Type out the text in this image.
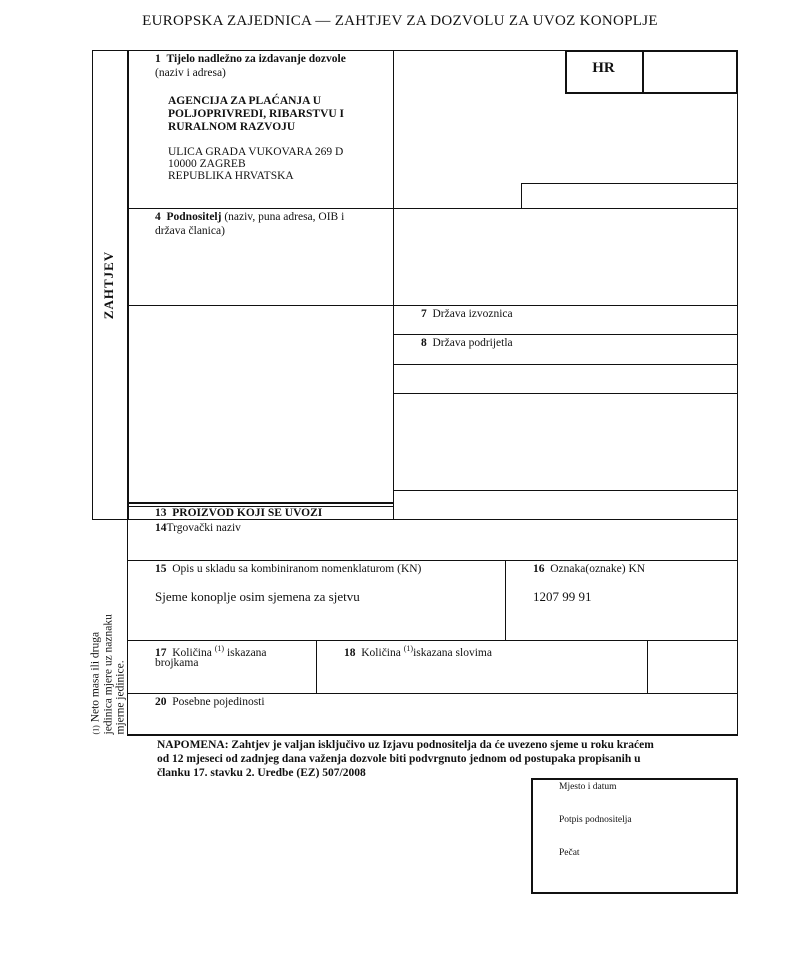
EUROPSKA ZAJEDNICA — ZAHTJEV ZA DOZVOLU ZA UVOZ KONOPLJE
ZAHTJEV
HR
1 Tijelo nadležno za izdavanje dozvole
(naziv i adresa)
AGENCIJA ZA PLAĆANJA U
POLJOPRIVREDI, RIBARSTVU I
RURALNOM RAZVOJU
ULICA GRADA VUKOVARA 269 D
10000 ZAGREB
REPUBLIKA HRVATSKA
4 Podnositelj (naziv, puna adresa, OIB i
država članica)
7 Država izvoznica
8 Država podrijetla
13 PROIZVOD KOJI SE UVOZI
14Trgovački naziv
15 Opis u skladu sa kombiniranom nomenklaturom (KN)
Sjeme konoplje osim sjemena za sjetvu
16 Oznaka(oznake) KN
1207 99 91
17 Količina $^{(1)}$ iskazana
brojkama
18 Količina $^{(1)}$iskazana slovima
20 Posebne pojedinosti
(1) Neto masa ili druga jedinica mjere uz naznaku mjerne jedinice.
NAPOMENA: Zahtjev je valjan isključivo uz Izjavu podnositelja da će uvezeno sjeme u roku kraćem
od 12 mjeseci od zadnjeg dana važenja dozvole biti podvrgnuto jednom od postupaka propisanih u
članku 17. stavku 2. Uredbe (EZ) 507/2008
Mjesto i datum
Potpis podnositelja
Pečat
